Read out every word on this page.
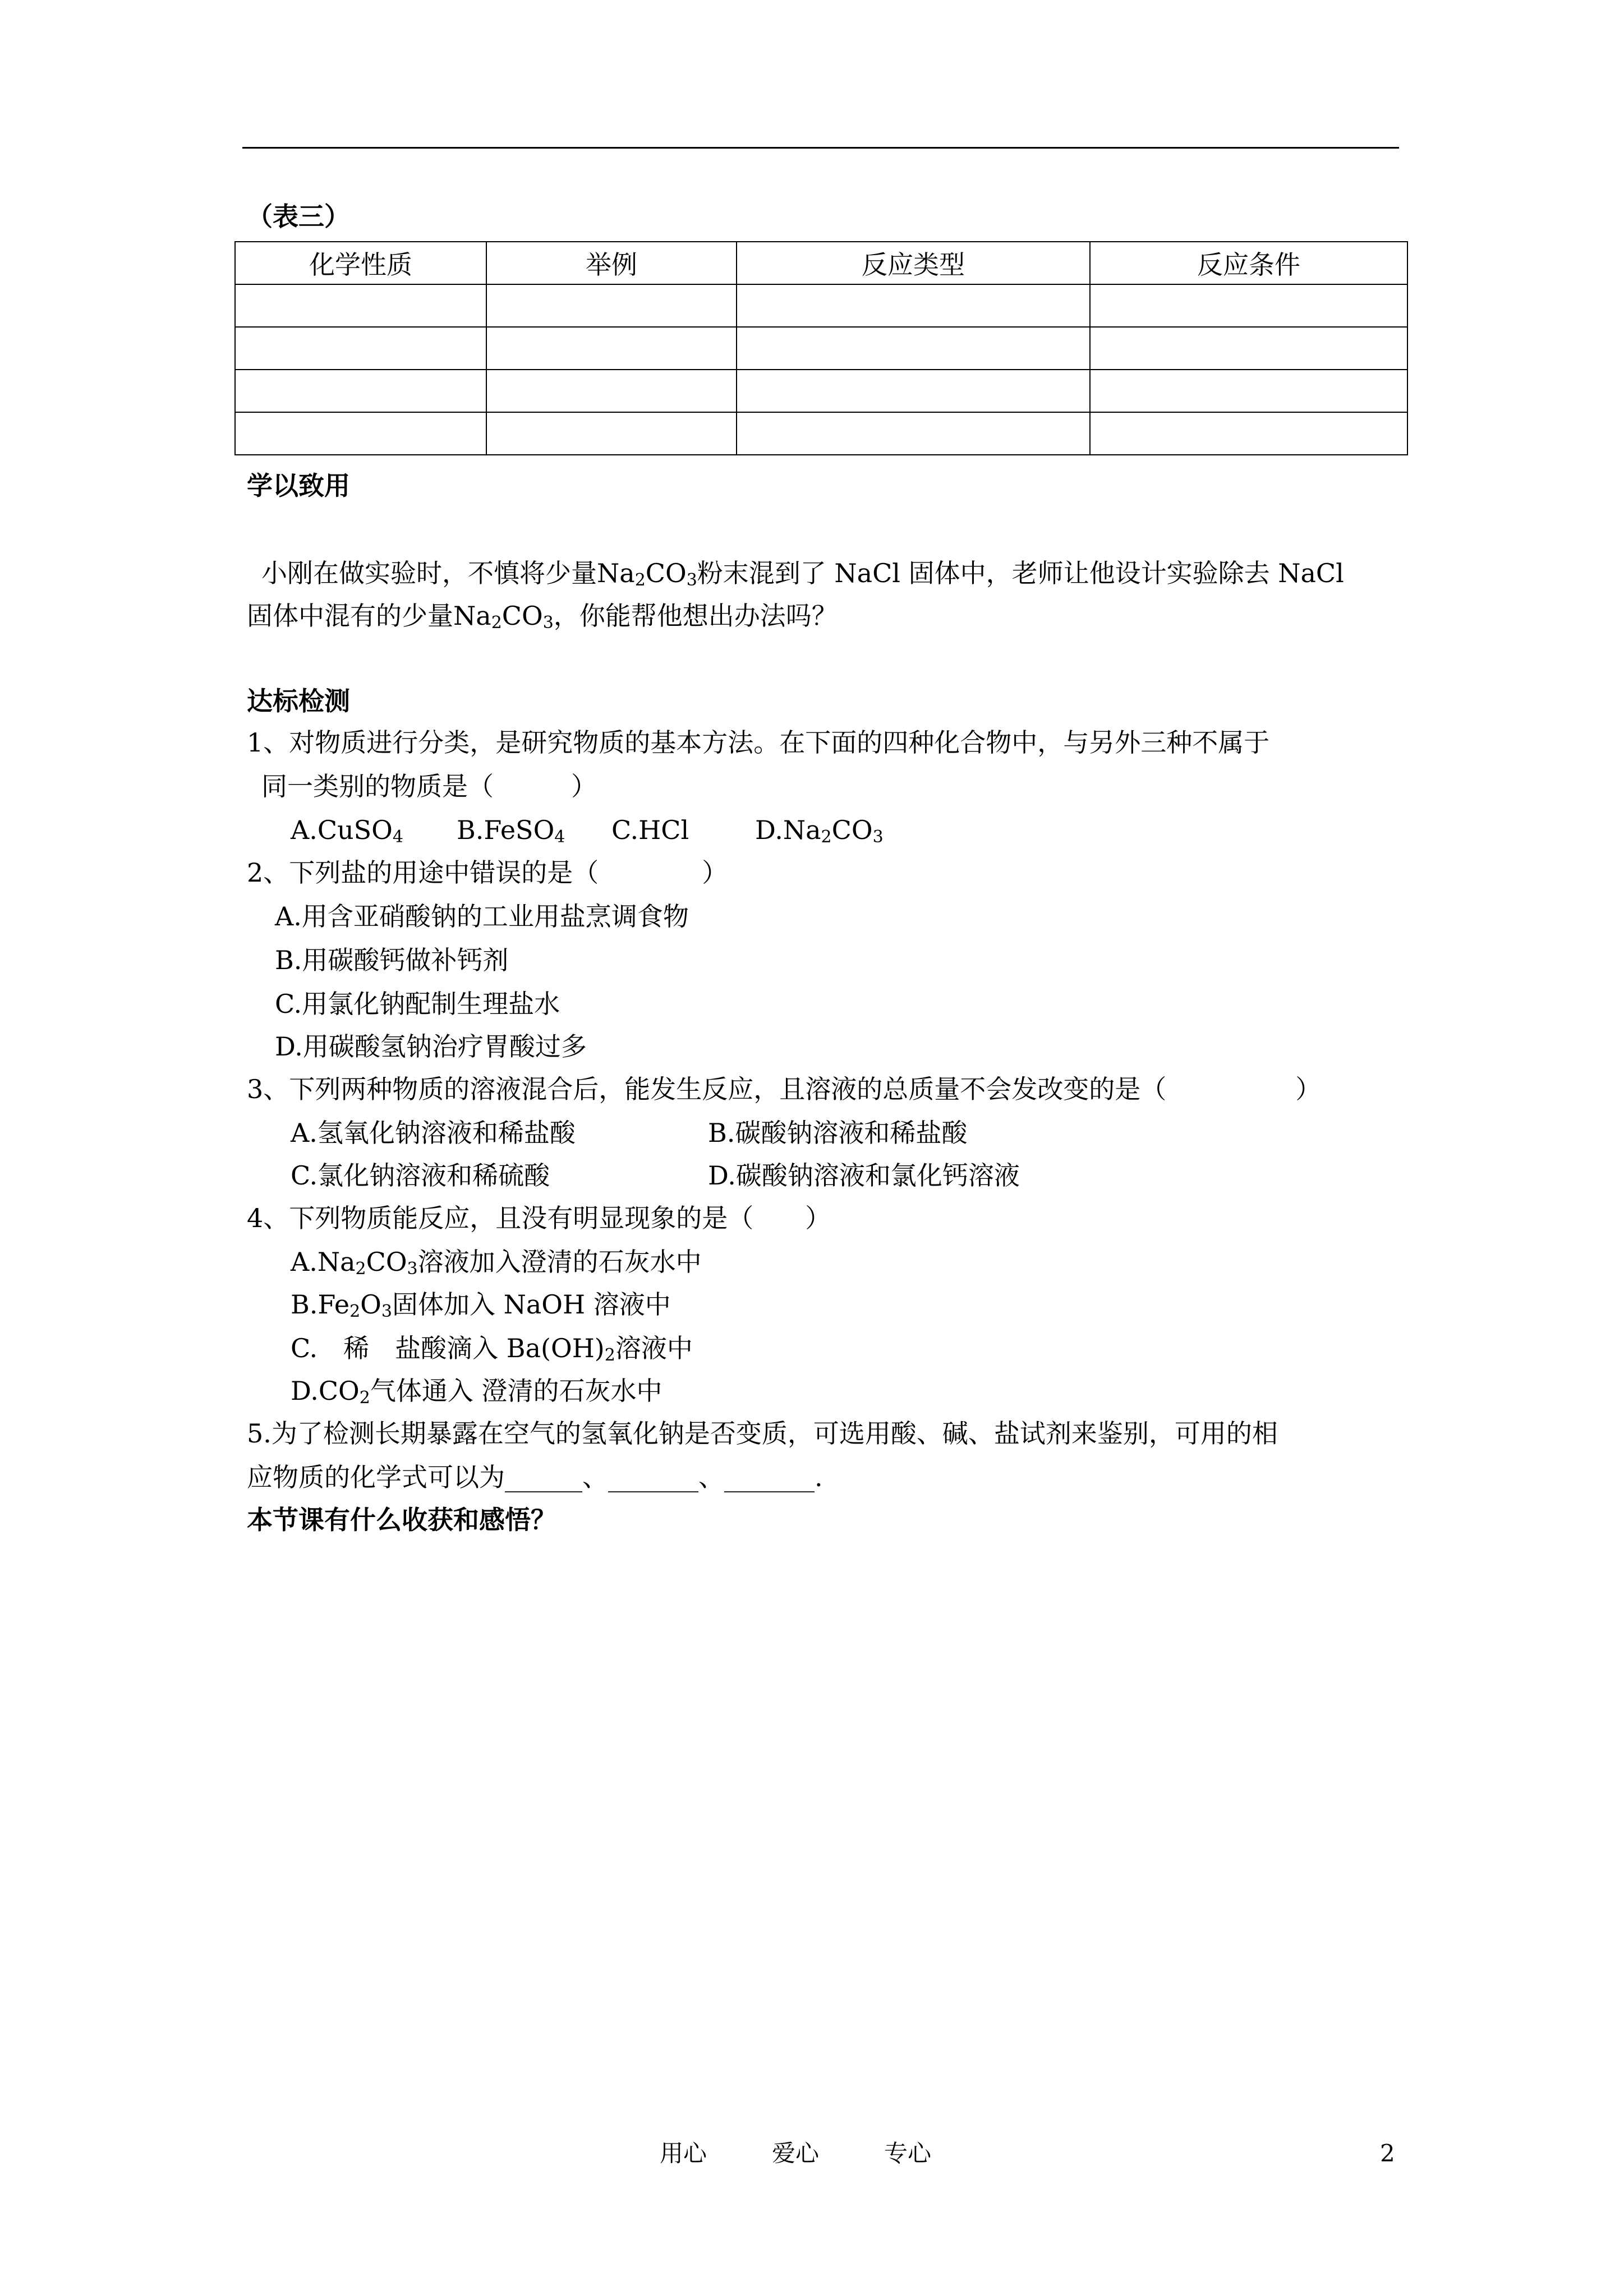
（表三）
化学性质	举例	反应类型	反应条件

学以致用
小刚在做实验时，不慎将少量$Na_2CO_3$粉末混到了 NaCl 固体中，老师让他设计实验除去 NaCl
固体中混有的少量$Na_2CO_3$，你能帮他想出办法吗？
达标检测
1、对物质进行分类，是研究物质的基本方法。在下面的四种化合物中，与另外三种不属于
同一类别的物质是（　　　）
A.CuSO$_4$ B.FeSO$_4$ C.HCl	$D.Na_2CO_3$
2、下列盐的用途中错误的是（　　　　）
A.用含亚硝酸钠的工业用盐烹调食物
B.用碳酸钙做补钙剂
C.用氯化钠配制生理盐水
D.用碳酸氢钠治疗胃酸过多
3、下列两种物质的溶液混合后，能发生反应，且溶液的总质量不会发改变的是（　　　　　）
A.氢氧化钠溶液和稀盐酸	B.碳酸钠溶液和稀盐酸
C.氯化钠溶液和稀硫酸	D.碳酸钠溶液和氯化钙溶液
4、下列物质能反应，且没有明显现象的是（　　）
$A.Na_2CO_3$溶液加入澄清的石灰水中
$B.Fe_2O_3$固体加入 NaOH 溶液中
C.　稀　盐酸滴入 $Ba(OH)_2$溶液中
$D.CO_2$气体通入 澄清的石灰水中
5.为了检测长期暴露在空气的氢氧化钠是否变质，可选用酸、碱、盐试剂来鉴别，可用的相
应物质的化学式可以为______、_______、_______.
本节课有什么收获和感悟？
用心	爱心	专心	2
